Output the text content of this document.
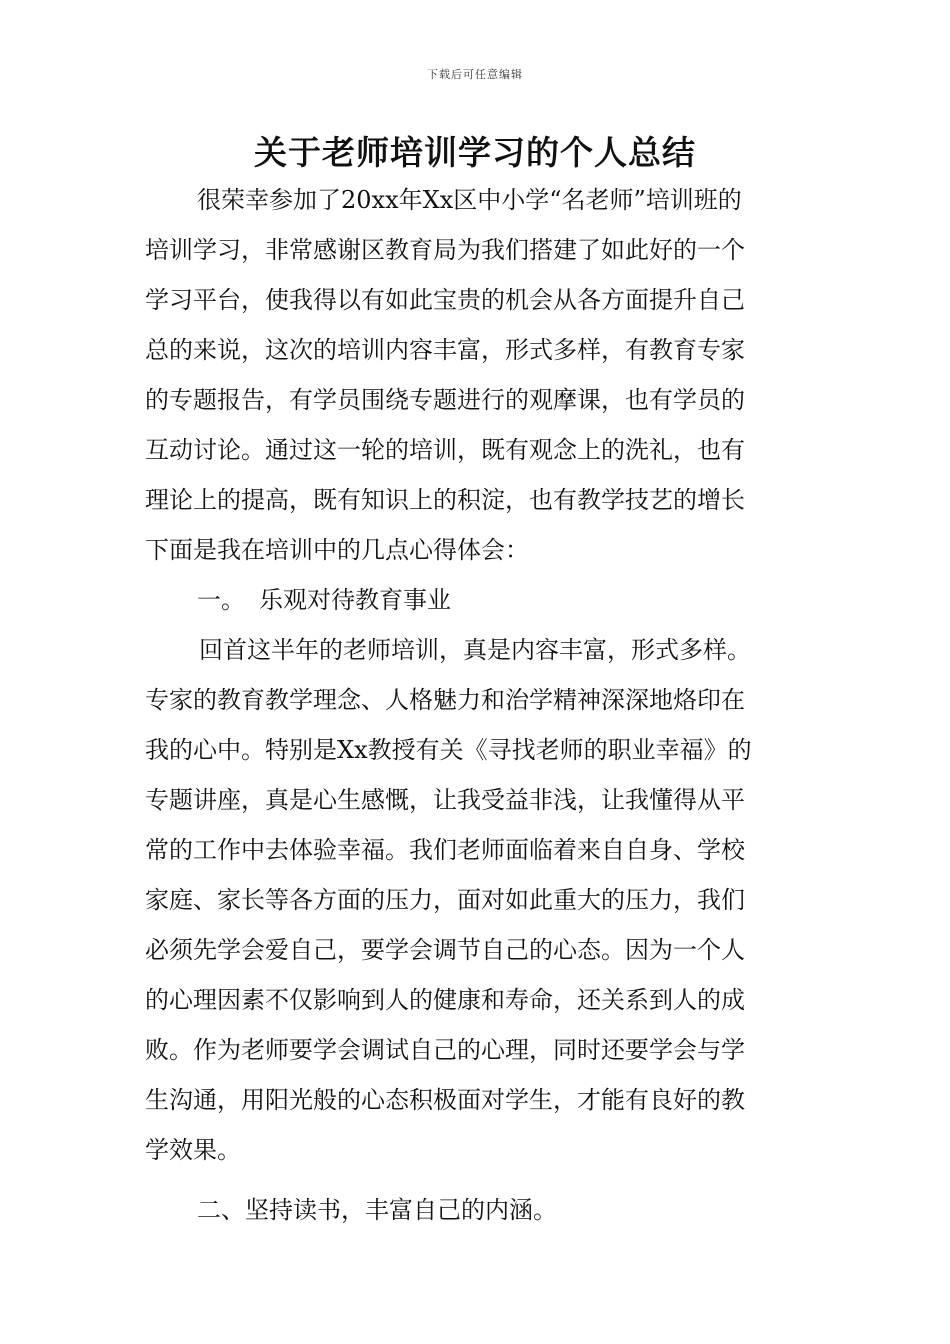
下载后可任意编辑
关于老师培训学习的个人总结
很荣幸参加了20xx年Xx区中小学“名老师”培训班的
培训学习，非常感谢区教育局为我们搭建了如此好的一个
学习平台，使我得以有如此宝贵的机会从各方面提升自己
总的来说，这次的培训内容丰富，形式多样，有教育专家
的专题报告，有学员围绕专题进行的观摩课，也有学员的
互动讨论。通过这一轮的培训，既有观念上的洗礼，也有
理论上的提高，既有知识上的积淀，也有教学技艺的增长
下面是我在培训中的几点心得体会：
一。 乐观对待教育事业
回首这半年的老师培训，真是内容丰富，形式多样。
专家的教育教学理念、人格魅力和治学精神深深地烙印在
我的心中。特别是Xx教授有关《寻找老师的职业幸福》的
专题讲座，真是心生感慨，让我受益非浅，让我懂得从平
常的工作中去体验幸福。我们老师面临着来自自身、学校
家庭、家长等各方面的压力，面对如此重大的压力，我们
必须先学会爱自己，要学会调节自己的心态。因为一个人
的心理因素不仅影响到人的健康和寿命，还关系到人的成
败。作为老师要学会调试自己的心理，同时还要学会与学
生沟通，用阳光般的心态积极面对学生，才能有良好的教
学效果。
二、坚持读书，丰富自己的内涵。
